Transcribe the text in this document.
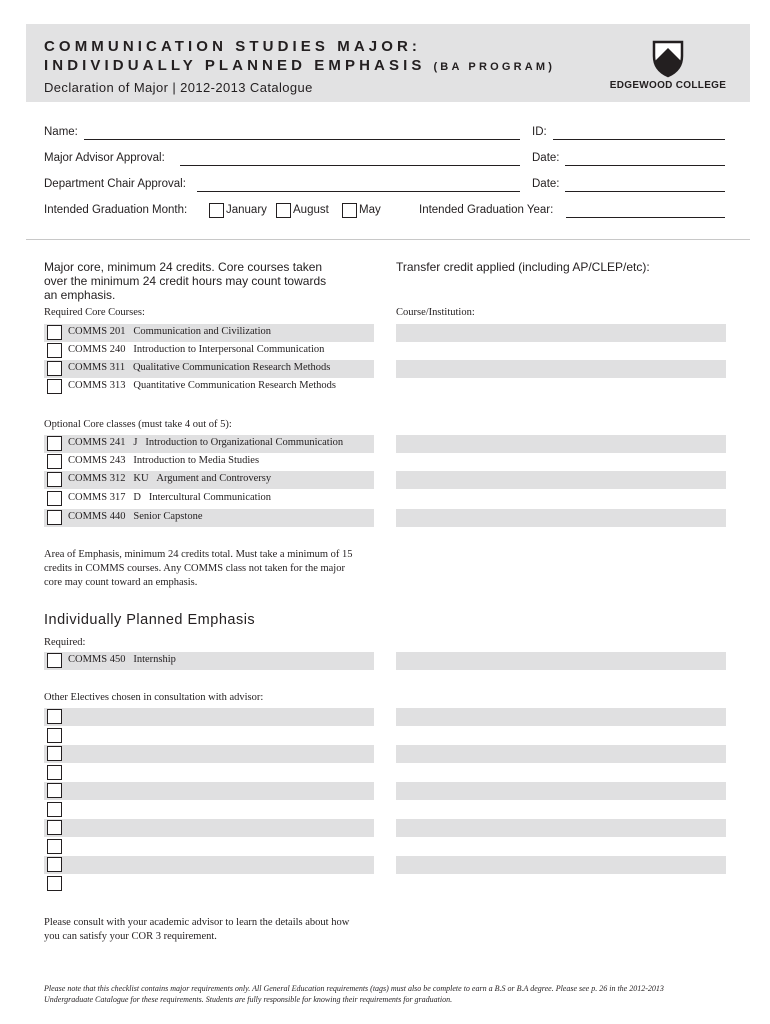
COMMUNICATION STUDIES MAJOR:
INDIVIDUALLY PLANNED EMPHASIS (BA PROGRAM)
Declaration of Major | 2012-2013 Catalogue	EDGEWOOD COLLEGE
Name:	ID:
Major Advisor Approval:	Date:
Department Chair Approval:	Date:
Intended Graduation Month:	January August	May	Intended Graduation Year:
Major core, minimum 24 credits. Core courses taken
over the minimum 24 credit hours may count towards
an emphasis.
Transfer credit applied (including AP/CLEP/etc):
Required Core Courses:	Course/Institution:
COMMS 201 Communication and Civilization
COMMS 240 Introduction to Interpersonal Communication
COMMS 311 Qualitative Communication Research Methods
COMMS 313 Quantitative Communication Research Methods
Optional Core classes (must take 4 out of 5):
COMMS 241 J Introduction to Organizational Communication
COMMS 243 Introduction to Media Studies
COMMS 312 KU Argument and Controversy
COMMS 317 D Intercultural Communication
COMMS 440 Senior Capstone
Area of Emphasis, minimum 24 credits total. Must take a minimum of 15
credits in COMMS courses. Any COMMS class not taken for the major
core may count toward an emphasis.
Individually Planned Emphasis
Required:
COMMS 450 Internship
Other Electives chosen in consultation with advisor:
Please consult with your academic advisor to learn the details about how
you can satisfy your COR 3 requirement.
Please note that this checklist contains major requirements only. All General Education requirements (tags) must also be complete to earn a B.S or B.A degree. Please see p. 26 in the 2012-2013
Undergraduate Catalogue for these requirements. Students are fully responsible for knowing their requirements for graduation.
